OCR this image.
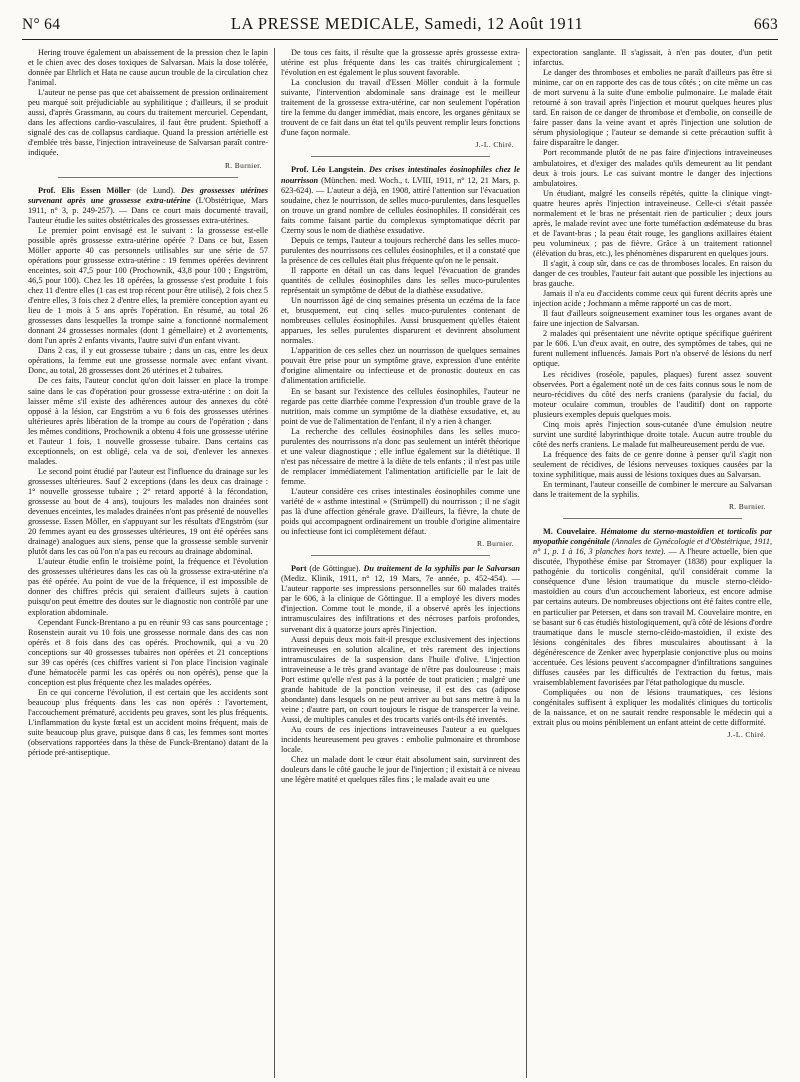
N° 64	LA PRESSE MEDICALE, Samedi, 12 Août 1911	663

Hering trouve également un abaissement de la pression chez le lapin et le chien avec des doses toxiques de Salvarsan. Mais la dose tolérée, donnée par Ehrlich et Hata ne cause aucun trouble de la circulation chez l'animal.

L'auteur ne pense pas que cet abaissement de pression ordinairement peu marqué soit préjudiciable au syphilitique ; d'ailleurs, il se produit aussi, d'après Grassmann, au cours du traitement mercuriel. Cependant, dans les affections cardio-vasculaires, il faut être prudent. Spiethoff a signalé des cas de collapsus cardiaque. Quand la pression artérielle est d'emblée très basse, l'injection intraveineuse de Salvarsan paraît contre-indiquée.

R. Burnier.

Prof. Elis Essen Möller (de Lund). Des grossesses utérines survenant après une grossesse extra-utérine (L'Obstétrique, Mars 1911, n° 3, p. 249-257). — Dans ce court mais documenté travail, l'auteur étudie les suites obstétricales des grossesses extra-utérines.

Le premier point envisagé est le suivant : la grossesse est-elle possible après grossesse extra-utérine opérée ? Dans ce but, Essen Möller apporte 40 cas personnels utilisables sur une série de 57 opérations pour grossesse extra-utérine : 19 femmes opérées devinrent enceintes, soit 47,5 pour 100 (Prochownik, 43,8 pour 100 ; Engström, 46,5 pour 100). Chez les 18 opérées, la grossesse s'est produite 1 fois chez 11 d'entre elles (1 cas est trop récent pour être utilisé), 2 fois chez 5 d'entre elles, 3 fois chez 2 d'entre elles, la première conception ayant eu lieu de 1 mois à 5 ans après l'opération. En résumé, au total 26 grossesses dans lesquelles la trompe saine a fonctionné normalement donnant 24 grossesses normales (dont 1 gémellaire) et 2 avortements, dont l'un après 2 enfants vivants, l'autre suivi d'un enfant vivant.

Dans 2 cas, il y eut grossesse tubaire ; dans un cas, entre les deux opérations, la femme eut une grossesse normale avec enfant vivant. Donc, au total, 28 grossesses dont 26 utérines et 2 tubaires.

De ces faits, l'auteur conclut qu'on doit laisser en place la trompe saine dans le cas d'opération pour grossesse extra-utérine : on doit la laisser même s'il existe des adhérences autour des annexes du côté opposé à la lésion, car Engström a vu 6 fois des grossesses utérines ultérieures après libération de la trompe au cours de l'opération ; dans les mêmes conditions, Prochownik a obtenu 4 fois une grossesse utérine et l'auteur 1 fois, 1 nouvelle grossesse tubaire. Dans certains cas exceptionnels, on est obligé, cela va de soi, d'enlever les annexes malades.

Le second point étudié par l'auteur est l'influence du drainage sur les grossesses ultérieures. Sauf 2 exceptions (dans les deux cas drainage : 1° nouvelle grossesse tubaire ; 2° retard apporté à la fécondation, grossesse au bout de 4 ans), toujours les malades non drainées sont devenues enceintes, les malades drainées n'ont pas présenté de nouvelles grossesse. Essen Möller, en s'appuyant sur les résultats d'Engström (sur 20 femmes ayant eu des grossesses ultérieures, 19 ont été opérées sans drainage) analogues aux siens, pense que la grossesse semble survenir plutôt dans les cas où l'on n'a pas eu recours au drainage abdominal.

L'auteur étudie enfin le troisième point, la fréquence et l'évolution des grossesses ultérieures dans les cas où la grossesse extra-utérine n'a pas été opérée. Au point de vue de la fréquence, il est impossible de donner des chiffres précis qui seraient d'ailleurs sujets à caution puisqu'on peut émettre des doutes sur le diagnostic non contrôlé par une exploration abdominale.

Cependant Funck-Brentano a pu en réunir 93 cas sans pourcentage ; Rosenstein aurait vu 10 fois une grossesse normale dans des cas non opérés et 8 fois dans des cas opérés. Prochownik, qui a vu 20 conceptions sur 40 grossesses tubaires non opérées et 21 conceptions sur 39 cas opérés (ces chiffres varient si l'on place l'incision vaginale d'une hématocèle parmi les cas opérés ou non opérés), pense que la conception est plus fréquente chez les malades opérées.

En ce qui concerne l'évolution, il est certain que les accidents sont beaucoup plus fréquents dans les cas non opérés : l'avortement, l'accouchement prématuré, accidents peu graves, sont les plus fréquents. L'inflammation du kyste fœtal est un accident moins fréquent, mais de suite beaucoup plus grave, puisque dans 8 cas, les femmes sont mortes (observations rapportées dans la thèse de Funck-Brentano) datant de la période pré-antiseptique.

De tous ces faits, il résulte que la grossesse après grossesse extra-utérine est plus fréquente dans les cas traités chirurgicalement ; l'évolution en est également le plus souvent favorable.

La conclusion du travail d'Essen Möller conduit à la formule suivante, l'intervention abdominale sans drainage est le meilleur traitement de la grossesse extra-utérine, car non seulement l'opération tire la femme du danger immédiat, mais encore, les organes génitaux se trouvent de ce fait dans un état tel qu'ils peuvent remplir leurs fonctions d'une façon normale.

J.-L. Chiré.

Prof. Léo Langstein. Des crises intestinales éosinophiles chez le nourrisson (München. med. Woch., t. LVIII, 1911, n° 12, 21 Mars, p. 623-624). — L'auteur a déjà, en 1908, attiré l'attention sur l'évacuation soudaine, chez le nourrisson, de selles muco-purulentes, dans lesquelles on trouve un grand nombre de cellules éosinophiles. Il considérait ces faits comme faisant partie du complexus symptomatique décrit par Czerny sous le nom de diathèse exsudative.

Depuis ce temps, l'auteur a toujours recherché dans les selles muco-purulentes des nourrissons ces cellules éosinophiles, et il a constaté que la présence de ces cellules était plus fréquente qu'on ne le pensait.

Il rapporte en détail un cas dans lequel l'évacuation de grandes quantités de cellules éosinophiles dans les selles muco-purulentes représentait un symptôme de début de la diathèse exsudative.

Un nourrisson âgé de cinq semaines présenta un eczéma de la face et, brusquement, eut cinq selles muco-purulentes contenant de nombreuses cellules éosinophiles. Aussi brusquement qu'elles étaient apparues, les selles purulentes disparurent et devinrent absolument normales.

L'apparition de ces selles chez un nourrisson de quelques semaines pouvait être prise pour un symptôme grave, expression d'une entérite d'origine alimentaire ou infectieuse et de pronostic douteux en cas d'alimentation artificielle.

En se basant sur l'existence des cellules éosinophiles, l'auteur ne regarde pas cette diarrhée comme l'expression d'un trouble grave de la nutrition, mais comme un symptôme de la diathèse exsudative, et, au point de vue de l'alimentation de l'enfant, il n'y a rien à changer.

La recherche des cellules éosinophiles dans les selles muco-purulentes des nourrissons n'a donc pas seulement un intérêt théorique et une valeur diagnostique ; elle influe également sur la diététique. Il n'est pas nécessaire de mettre à la diète de tels enfants ; il n'est pas utile de remplacer immédiatement l'alimentation artificielle par le lait de femme.

L'auteur considère ces crises intestinales éosinophiles comme une variété de « asthme intestinal » (Strümpell) du nourrisson ; il ne s'agit pas là d'une affection générale grave. D'ailleurs, la fièvre, la chute de poids qui accompagnent ordinairement un trouble d'origine alimentaire ou infectieuse font ici complètement défaut.

R. Burnier.

Port (de Göttingue). Du traitement de la syphilis par le Salvarsan (Mediz. Klinik, 1911, n° 12, 19 Mars, 7e année, p. 452-454). — L'auteur rapporte ses impressions personnelles sur 60 malades traités par le 606, à la clinique de Göttingue. Il a employé les divers modes d'injection. Comme tout le monde, il a observé après les injections intramusculaires des infiltrations et des nécroses parfois profondes, survenant dix à quatorze jours après l'injection.

Aussi depuis deux mois fait-il presque exclusivement des injections intraveineuses en solution alcaline, et très rarement des injections intramusculaires de la suspension dans l'huile d'olive. L'injection intraveineuse a le très grand avantage de n'être pas douloureuse ; mais Port estime qu'elle n'est pas à la portée de tout praticien ; malgré une grande habitude de la ponction veineuse, il est des cas (adipose abondante) dans lesquels on ne peut arriver au but sans mettre à nu la veine ; d'autre part, on court toujours le risque de transpercer la veine. Aussi, de multiples canules et des trocarts variés ont-ils été inventés.

Au cours de ces injections intraveineuses l'auteur a eu quelques incidents heureusement peu graves : embolie pulmonaire et thrombose locale.

Chez un malade dont le cœur était absolument sain, survinrent des douleurs dans le côté gauche le jour de l'injection ; il existait à ce niveau une légère matité et quelques râles fins ; le malade avait eu une

expectoration sanglante. Il s'agissait, à n'en pas douter, d'un petit infarctus.

Le danger des thromboses et embolies ne paraît d'ailleurs pas être si minime, car on en rapporte des cas de tous côtés ; on cite même un cas de mort survenu à la suite d'une embolie pulmonaire. Le malade était retourné à son travail après l'injection et mourut quelques heures plus tard. En raison de ce danger de thrombose et d'embolie, on conseille de faire passer dans la veine avant et après l'injection une solution de sérum physiologique ; l'auteur se demande si cette précaution suffit à faire disparaître le danger.

Port recommande plutôt de ne pas faire d'injections intraveineuses ambulatoires, et d'exiger des malades qu'ils demeurent au lit pendant deux à trois jours. Le cas suivant montre le danger des injections ambulatoires.

Un étudiant, malgré les conseils répétés, quitte la clinique vingt-quatre heures après l'injection intraveineuse. Celle-ci s'était passée normalement et le bras ne présentait rien de particulier ; deux jours après, le malade revint avec une forte tuméfaction œdémateuse du bras et de l'avant-bras ; la peau était rouge, les ganglions axillaires étaient peu volumineux ; pas de fièvre. Grâce à un traitement rationnel (élévation du bras, etc.), les phénomènes disparurent en quelques jours.

Il s'agit, à coup sûr, dans ce cas de thromboses locales. En raison du danger de ces troubles, l'auteur fait autant que possible les injections au bras gauche.

Jamais il n'a eu d'accidents comme ceux qui furent décrits après une injection acide ; Jochmann a même rapporté un cas de mort.

Il faut d'ailleurs soigneusement examiner tous les organes avant de faire une injection de Salvarsan.

2 malades qui présentaient une névrite optique spécifique guérirent par le 606. L'un d'eux avait, en outre, des symptômes de tabes, qui ne furent nullement influencés. Jamais Port n'a observé de lésions du nerf optique.

Les récidives (roséole, papules, plaques) furent assez souvent observées. Port a également noté un de ces faits connus sous le nom de neuro-récidives du côté des nerfs craniens (paralysie du facial, du moteur oculaire commun, troubles de l'auditif) dont on rapporte plusieurs exemples depuis quelques mois.

Cinq mois après l'injection sous-cutanée d'une émulsion neutre survint une surdité labyrinthique droite totale. Aucun autre trouble du côté des nerfs craniens. Le malade fut malheureusement perdu de vue.

La fréquence des faits de ce genre donne à penser qu'il s'agit non seulement de récidives, de lésions nerveuses toxiques causées par la toxine syphilitique, mais aussi de lésions toxiques dues au Salvarsan.

En terminant, l'auteur conseille de combiner le mercure au Salvarsan dans le traitement de la syphilis.

R. Burnier.

M. Couvelaire. Hématome du sterno-mastoïdien et torticolis par myopathie congénitale (Annales de Gynécologie et d'Obstétrique, 1911, n° 1, p. 1 à 16, 3 planches hors texte). — A l'heure actuelle, bien que discutée, l'hypothèse émise par Stromayer (1838) pour expliquer la pathogénie du torticolis congénital, qu'il considérait comme la conséquence d'une lésion traumatique du muscle sterno-cléido-mastoïdien au cours d'un accouchement laborieux, est encore admise par certains auteurs. De nombreuses objections ont été faites contre elle, en particulier par Petersen, et dans son travail M. Couvelaire montre, en se basant sur 6 cas étudiés histologiquement, qu'à côté de lésions d'ordre traumatique dans le muscle sterno-cléido-mastoïdien, il existe des lésions congénitales des fibres musculaires aboutissant à la dégénérescence de Zenker avec hyperplasie conjonctive plus ou moins accentuée. Ces lésions peuvent s'accompagner d'infiltrations sanguines diffuses causées par les difficultés de l'extraction du fœtus, mais vraisemblablement favorisées par l'état pathologique du muscle.

Compliquées ou non de lésions traumatiques, ces lésions congénitales suffisent à expliquer les modalités cliniques du torticolis de la naissance, et on ne saurait rendre responsable le médecin qui a extrait plus ou moins péniblement un enfant atteint de cette difformité.

J.-L. Chiré.
